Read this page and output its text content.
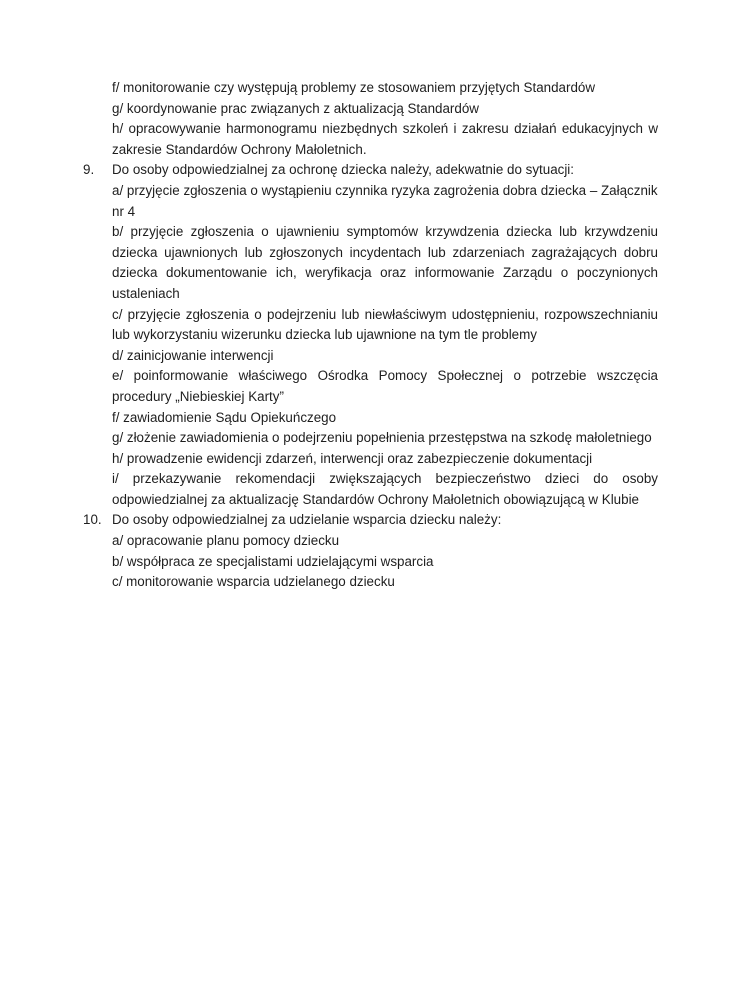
f/ monitorowanie czy występują problemy ze stosowaniem przyjętych Standardów

g/ koordynowanie prac związanych z aktualizacją Standardów

h/ opracowywanie harmonogramu niezbędnych szkoleń i zakresu działań edukacyjnych w zakresie Standardów Ochrony Małoletnich.

9. Do osoby odpowiedzialnej za ochronę dziecka należy, adekwatnie do sytuacji:

a/ przyjęcie zgłoszenia o wystąpieniu czynnika ryzyka zagrożenia dobra dziecka – Załącznik nr 4

b/ przyjęcie zgłoszenia o ujawnieniu symptomów krzywdzenia dziecka lub krzywdzeniu dziecka ujawnionych lub zgłoszonych incydentach lub zdarzeniach zagrażających dobru dziecka dokumentowanie ich, weryfikacja oraz informowanie Zarządu o poczynionych ustaleniach

c/ przyjęcie zgłoszenia o podejrzeniu lub niewłaściwym udostępnieniu, rozpowszechnianiu lub wykorzystaniu wizerunku dziecka lub ujawnione na tym tle problemy

d/ zainicjowanie interwencji

e/ poinformowanie właściwego Ośrodka Pomocy Społecznej o potrzebie wszczęcia procedury „Niebieskiej Karty”

f/ zawiadomienie Sądu Opiekuńczego

g/ złożenie zawiadomienia o podejrzeniu popełnienia przestępstwa na szkodę małoletniego

h/ prowadzenie ewidencji zdarzeń, interwencji oraz zabezpieczenie dokumentacji

i/ przekazywanie rekomendacji zwiększających bezpieczeństwo dzieci do osoby odpowiedzialnej za aktualizację Standardów Ochrony Małoletnich obowiązującą w Klubie

10. Do osoby odpowiedzialnej za udzielanie wsparcia dziecku należy:

a/ opracowanie planu pomocy dziecku

b/ współpraca ze specjalistami udzielającymi wsparcia

c/ monitorowanie wsparcia udzielanego dziecku
